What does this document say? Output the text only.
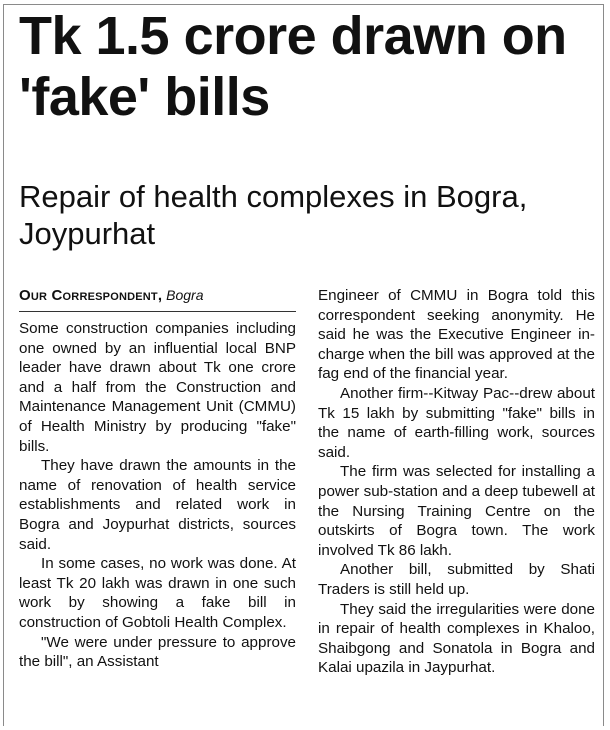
Tk 1.5 crore drawn on 'fake' bills
Repair of health complexes in Bogra, Joypurhat
Our Correspondent, Bogra

Some construction companies including one owned by an influential local BNP leader have drawn about Tk one crore and a half from the Construction and Maintenance Management Unit (CMMU) of Health Ministry by producing "fake" bills.

They have drawn the amounts in the name of renovation of health service establishments and related work in Bogra and Joypurhat districts, sources said.

In some cases, no work was done. At least Tk 20 lakh was drawn in one such work by showing a fake bill in construction of Gobtoli Health Complex.

"We were under pressure to approve the bill", an Assistant

Engineer of CMMU in Bogra told this correspondent seeking anonymity. He said he was the Executive Engineer in-charge when the bill was approved at the fag end of the financial year.

Another firm--Kitway Pac--drew about Tk 15 lakh by submitting "fake" bills in the name of earth-filling work, sources said.

The firm was selected for installing a power sub-station and a deep tubewell at the Nursing Training Centre on the outskirts of Bogra town. The work involved Tk 86 lakh.

Another bill, submitted by Shati Traders is still held up.

They said the irregularities were done in repair of health complexes in Khaloo, Shaibgong and Sonatola in Bogra and Kalai upazila in Jaypurhat.
